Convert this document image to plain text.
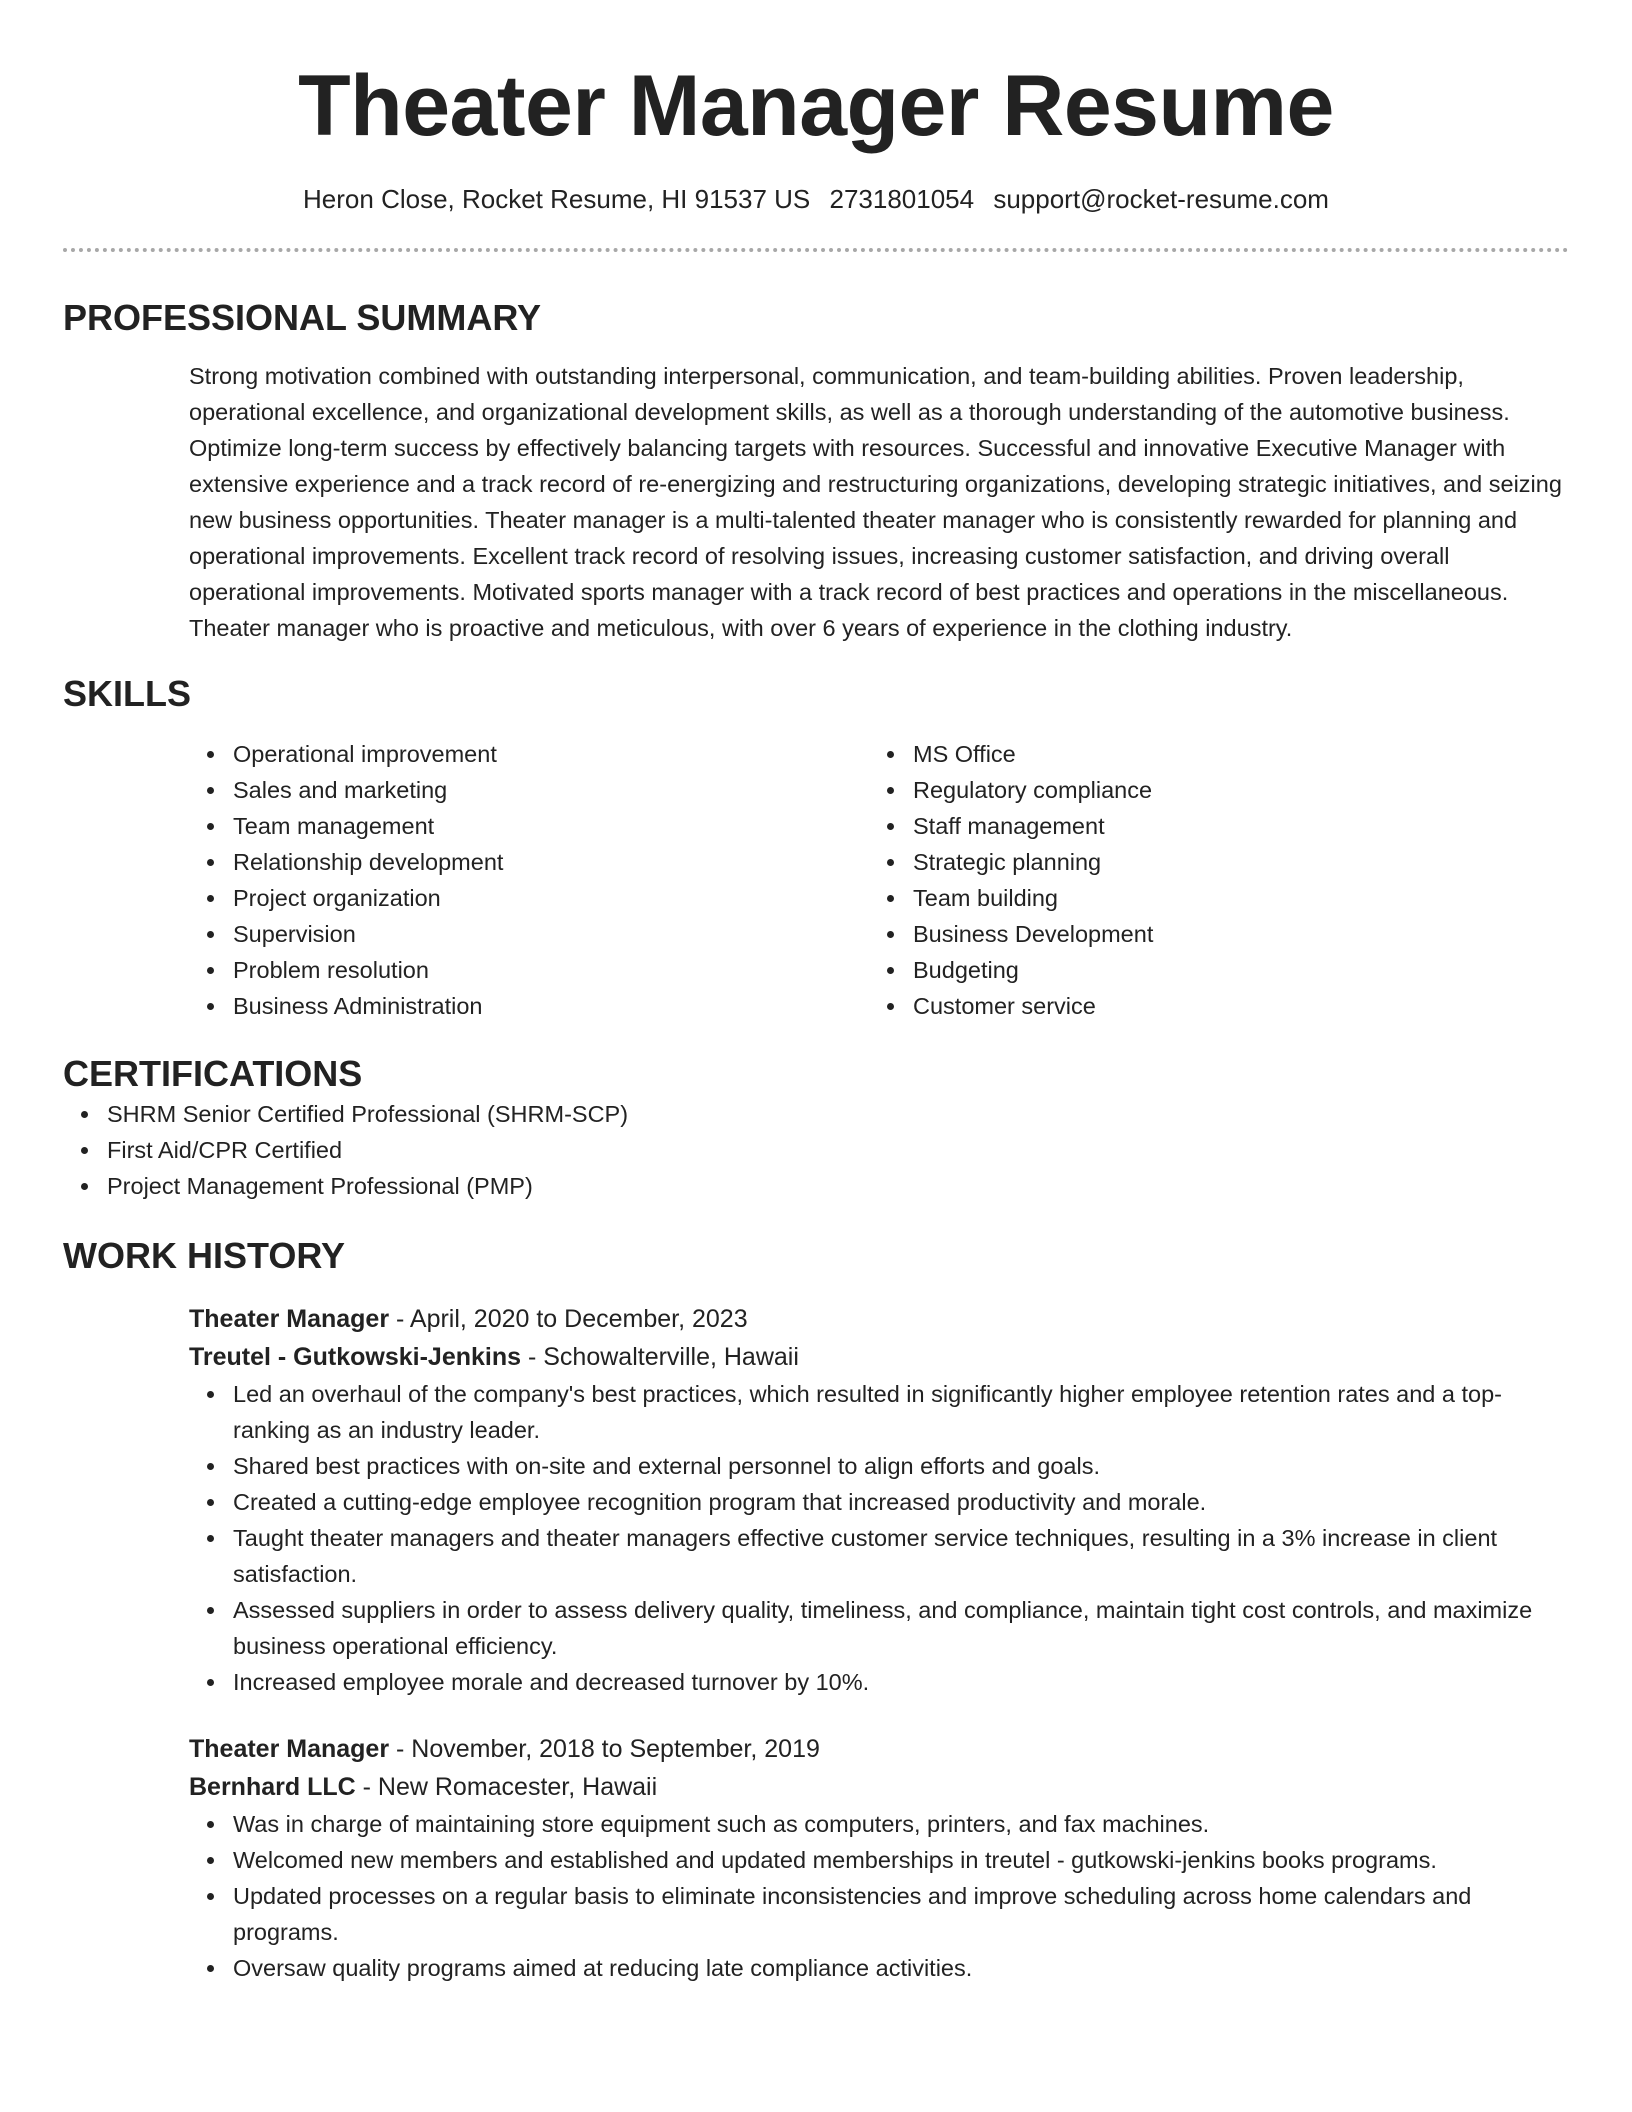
Theater Manager Resume
Heron Close, Rocket Resume, HI 91537 US 2731801054 support@rocket-resume.com
PROFESSIONAL SUMMARY

Strong motivation combined with outstanding interpersonal, communication, and team-building abilities. Proven leadership, operational excellence, and organizational development skills, as well as a thorough understanding of the automotive business. Optimize long-term success by effectively balancing targets with resources. Successful and innovative Executive Manager with extensive experience and a track record of re-energizing and restructuring organizations, developing strategic initiatives, and seizing new business opportunities. Theater manager is a multi-talented theater manager who is consistently rewarded for planning and operational improvements. Excellent track record of resolving issues, increasing customer satisfaction, and driving overall operational improvements. Motivated sports manager with a track record of best practices and operations in the miscellaneous. Theater manager who is proactive and meticulous, with over 6 years of experience in the clothing industry.

SKILLS
Operational improvement
Sales and marketing
Team management
Relationship development
Project organization
Supervision
Problem resolution
Business Administration
MS Office
Regulatory compliance
Staff management
Strategic planning
Team building
Business Development
Budgeting
Customer service
CERTIFICATIONS
SHRM Senior Certified Professional (SHRM-SCP)
First Aid/CPR Certified
Project Management Professional (PMP)
WORK HISTORY
Theater Manager - April, 2020 to December, 2023
Treutel - Gutkowski-Jenkins - Schowalterville, Hawaii
Led an overhaul of the company's best practices, which resulted in significantly higher employee retention rates and a top-ranking as an industry leader.
Shared best practices with on-site and external personnel to align efforts and goals.
Created a cutting-edge employee recognition program that increased productivity and morale.
Taught theater managers and theater managers effective customer service techniques, resulting in a 3% increase in client satisfaction.
Assessed suppliers in order to assess delivery quality, timeliness, and compliance, maintain tight cost controls, and maximize business operational efficiency.
Increased employee morale and decreased turnover by 10%.
Theater Manager - November, 2018 to September, 2019
Bernhard LLC - New Romacester, Hawaii
Was in charge of maintaining store equipment such as computers, printers, and fax machines.
Welcomed new members and established and updated memberships in treutel - gutkowski-jenkins books programs.
Updated processes on a regular basis to eliminate inconsistencies and improve scheduling across home calendars and programs.
Oversaw quality programs aimed at reducing late compliance activities.
